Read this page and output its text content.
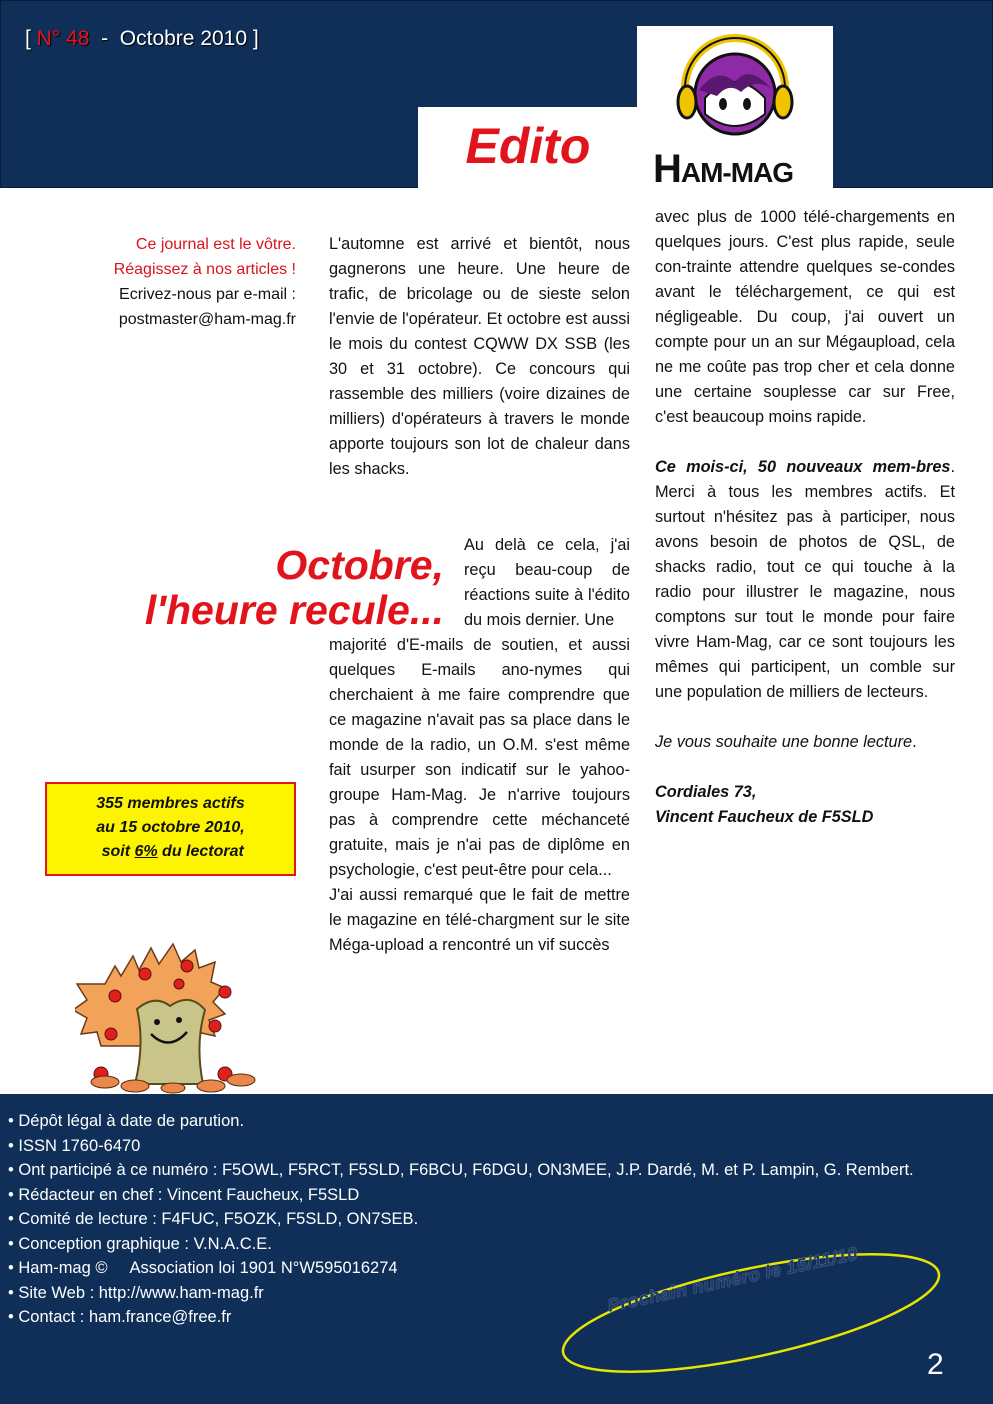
[ N° 48  -  Octobre 2010 ]
Edito	HAM-MAG
Ce journal est le vôtre.
Réagissez à nos articles !
Ecrivez-nous par e-mail :
postmaster@ham-mag.fr
Octobre,
l'heure recule...

L'automne est arrivé et bientôt, nous gagnerons une heure. Une heure de trafic, de bricolage ou de sieste selon l'envie de l'opérateur. Et octobre est aussi le mois du contest CQWW DX SSB (les 30 et 31 octobre). Ce concours qui rassemble des milliers (voire dizaines de milliers) d'opérateurs à travers le monde apporte toujours son lot de chaleur dans les shacks.

Au delà ce cela, j'ai reçu beau-coup de réactions suite à l'édito du mois dernier. Une

majorité d'E-mails de soutien, et aussi quelques E-mails ano-nymes qui cherchaient à me faire comprendre que ce magazine n'avait pas sa place dans le monde de la radio, un O.M. s'est même fait usurper son indicatif sur le yahoo-groupe Ham-Mag. Je n'arrive toujours pas à comprendre cette méchanceté gratuite, mais je n'ai pas de diplôme en psychologie, c'est peut-être pour cela...

J'ai aussi remarqué que le fait de mettre le magazine en télé-chargment sur le site Méga-upload a rencontré un vif succès

avec plus de 1000 télé-chargements en quelques jours. C'est plus rapide, seule con-trainte attendre quelques se-condes avant le téléchargement, ce qui est négligeable. Du coup, j'ai ouvert un compte pour un an sur Mégaupload, cela ne me coûte pas trop cher et cela donne une certaine souplesse car sur Free, c'est beaucoup moins rapide.

Ce mois-ci, 50 nouveaux mem-bres. Merci à tous les membres actifs. Et surtout n'hésitez pas à participer, nous avons besoin de photos de QSL, de shacks radio, tout ce qui touche à la radio pour illustrer le magazine, nous comptons sur tout le monde pour faire vivre Ham-Mag, car ce sont toujours les mêmes qui participent, un comble sur une population de milliers de lecteurs.

Je vous souhaite une bonne lecture.

Cordiales 73,
Vincent Faucheux de F5SLD

355 membres actifs
au 15 octobre 2010,
soit 6% du lectorat
• Dépôt légal à date de parution.
• ISSN 1760-6470
• Ont participé à ce numéro : F5OWL, F5RCT, F5SLD, F6BCU, F6DGU, ON3MEE, J.P. Dardé, M. et P. Lampin, G. Rembert.
• Rédacteur en chef : Vincent Faucheux, F5SLD
• Comité de lecture : F4FUC, F5OZK, F5SLD, ON7SEB.
• Conception graphique : V.N.A.C.E.
• Ham-mag ©     Association loi 1901 N°W595016274
• Site Web : http://www.ham-mag.fr
• Contact : ham.france@free.fr
Prochain numéro le 15/11/10
2
